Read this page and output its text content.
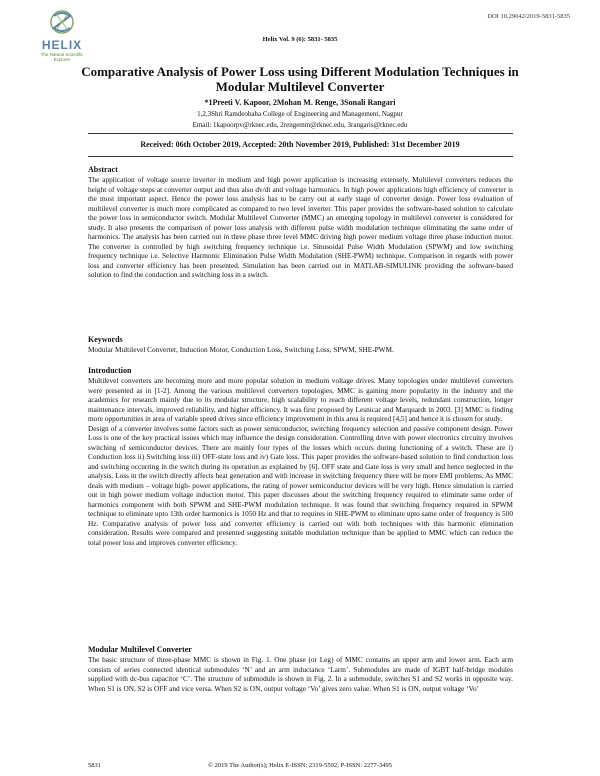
DOI 10.29042/2019-5831-5835
HELIX
The Natural Scientific Explorer
Helix Vol. 9 (6): 5831- 5835
Comparative Analysis of Power Loss using Different Modulation Techniques in Modular Multilevel Converter
*1Preeti V. Kapoor, 2Mohan M. Renge, 3Sonali Rangari
1,2,3Shri Ramdeobaba College of Engineering and Management, Nagpur
Email: 1kapoorpv@rknec.edu, 2rengemm@rknec.edu, 3rangaris@rknec.edu
Received: 06th October 2019, Accepted: 20th November 2019, Published: 31st December 2019
Abstract

The application of voltage source inverter in medium and high power application is increasing extensely. Multilevel converters reduces the height of voltage steps at converter output and thus also dv/dt and voltage harmonics. In high power applications high efficiency of converter is the most important aspect. Hence the power loss analysis has to be carry out at early stage of converter design. Power loss evaluation of multilevel converter is much more complicated as compared to two level inverter. This paper provides the software-based solution to calculate the power loss in semiconductor switch. Modular Multilevel Converter (MMC) an emerging topology in multilevel converter is considered for study. It also presents the comparison of power loss analysis with different pulse width modulation technique eliminating the same order of harmonics. The analysis has been carried out in three phase three level MMC driving high power medium voltage three phase induction motor. The converter is controlled by high switching frequency technique i.e. Sinusoidal Pulse Width Modulation (SPWM) and low switching frequency technique i.e. Selective Harmonic Elimination Pulse Width Modulation (SHE-PWM) technique. Comparison in regards with power loss and converter efficiency has been presented. Simulation has been carried out in MATLAB-SIMULINK providing the software-based solution to find the conduction and switching loss in a switch.

Keywords

Modular Multilevel Converter, Induction Motor, Conduction Loss, Switching Loss, SPWM, SHE-PWM.

Introduction

Multilevel converters are becoming more and more popular solution in medium voltage drives. Many topologies under multilevel converters were presented as in [1-2]. Among the various multilevel converters topologies, MMC is gaining more popularity in the industry and the academics for research mainly due to its modular structure, high scalability to reach different voltage levels, redundant construction, longer maintenance intervals, improved reliability, and higher efficiency. It was first proposed by Lesnicar and Marquardt in 2003. [3] MMC is finding more opportunities in area of variable speed drives since efficiency improvement in this area is required [4,5] and hence it is chosen for study.

Design of a converter involves some factors such as power semiconductor, switching frequency selection and passive component design. Power Loss is one of the key practical issues which may influence the design consideration. Controlling drive with power electronics circuitry involves switching of semiconductor devices. There are mainly four types of the losses which occurs during functioning of a switch. These are i) Conduction loss ii) Switching loss iii) OFF-state loss and iv) Gate loss. This paper provides the software-based solution to find conduction loss and switching occurring in the switch during its operation as explained by [6]. OFF state and Gate loss is very small and hence neglected in the analysis. Loss in the switch directly affects heat generation and with increase in switching frequency there will be more EMI problems. As MMC deals with medium – voltage high- power applications, the rating of power semiconductor devices will be very high. Hence simulation is carried out in high power medium voltage induction motor. This paper discusses about the switching frequency required to eliminate same order of harmonics component with both SPWM and SHE-PWM modulation technique. It was found that switching frequency required in SPWM technique to eliminate upto 13th order harmonics is 1050 Hz and that to requires in SHE-PWM to eliminate upto same order of frequency is 500 Hz. Comparative analysis of power loss and converter efficiency is carried out with both techniques with this harmonic elimination consideration. Results were compared and presented suggesting suitable modulation technique than be applied to MMC which can reduce the total power loss and improves converter efficiency.

Modular Multilevel Converter

The basic structure of three-phase MMC is shown in Fig. 1. One phase (or Leg) of MMC contains an upper arm and lower arm. Each arm consists of series connected identical submodules ‘N’ and an arm inductance ‘Larm’. Submodules are made of IGBT half-bridge modules supplied with dc-bus capacitor ‘C’. The structure of submodule is shown in Fig. 2. In a submodule, switches S1 and S2 works in opposite way. When S1 is ON, S2 is OFF and vice versa. When S2 is ON, output voltage ‘Vo’ gives zero value. When S1 is ON, output voltage ‘Vo’

5831	© 2019 The Author(s); Helix E-ISSN: 2319-5592; P-ISSN: 2277-3495
